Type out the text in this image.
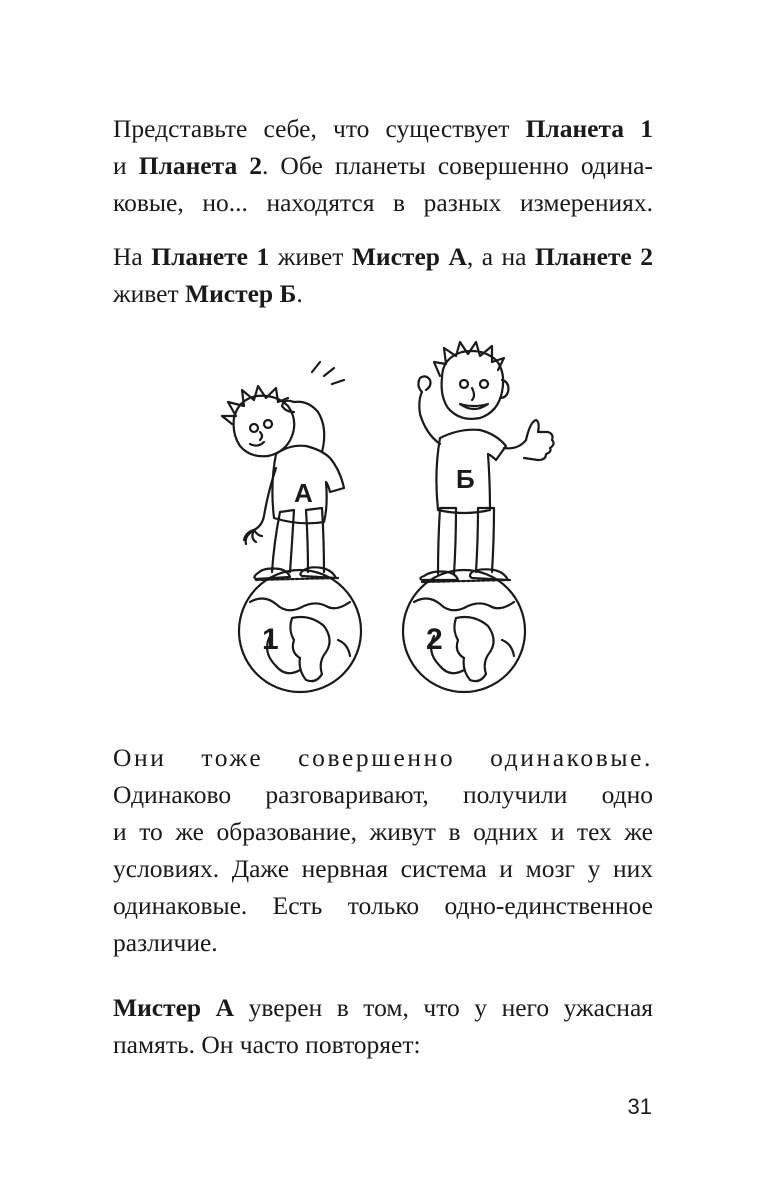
Представьте себе, что существует Планета 1
и Планета 2. Обе планеты совершенно одина-
ковые, но... находятся в разных измерениях.

На Планете 1 живет Мистер А, а на Планете 2
живет Мистер Б.

1
А
2
Б

Они тоже совершенно одинаковые.
Одинаково разговаривают, получили одно
и то же образование, живут в одних и тех же
условиях. Даже нервная система и мозг у них
одинаковые. Есть только одно-единственное
различие.

Мистер А уверен в том, что у него ужасная
память. Он часто повторяет:

31
